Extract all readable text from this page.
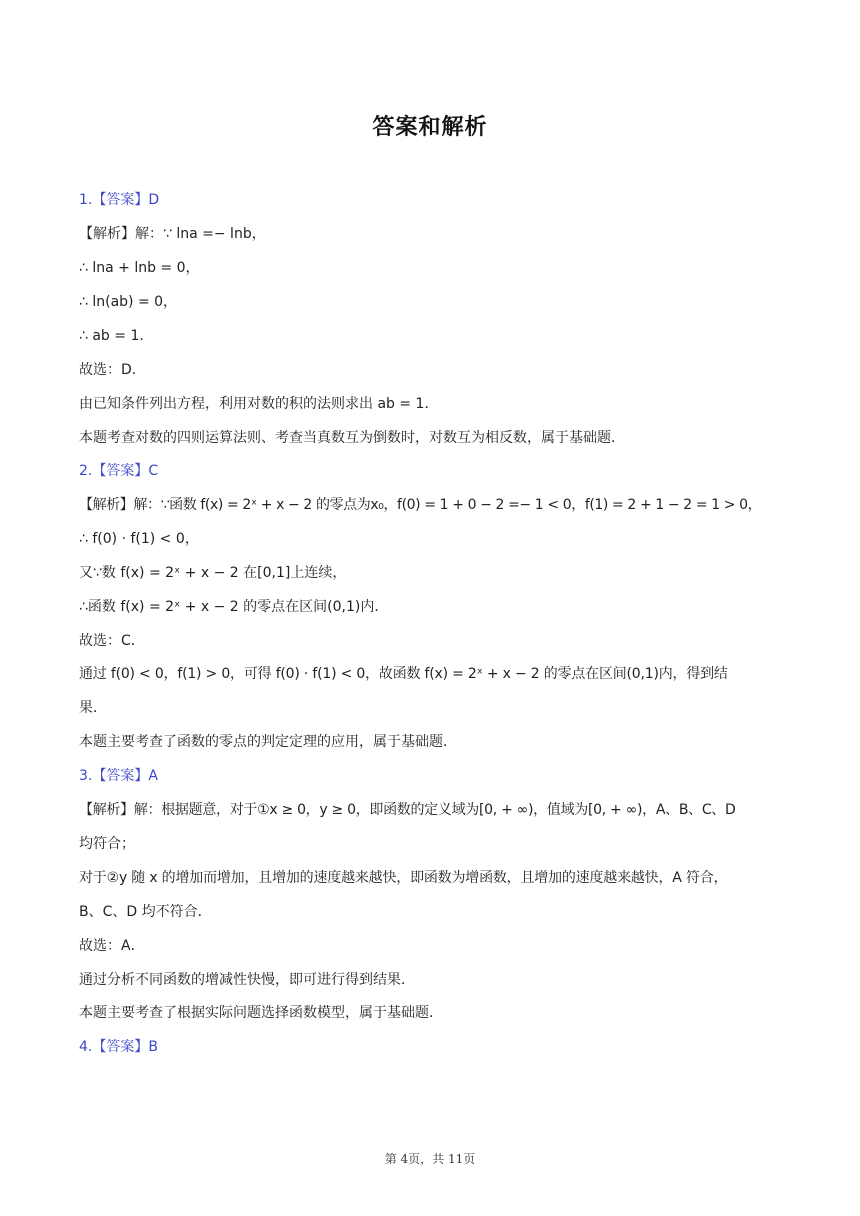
答案和解析
1.【答案】D
【解析】解：∵ lna =− lnb，
∴ lna + lnb = 0，
∴ ln(ab) = 0，
∴ ab = 1．
故选：D．
由已知条件列出方程，利用对数的积的法则求出 ab = 1．
本题考查对数的四则运算法则、考查当真数互为倒数时，对数互为相反数，属于基础题．
2.【答案】C
【解析】解：∵函数 f(x) = 2ˣ + x − 2 的零点为x₀，f(0) = 1 + 0 − 2 =− 1 < 0，f(1) = 2 + 1 − 2 = 1 > 0，
∴ f(0) · f(1) < 0，
又∵数 f(x) = 2ˣ + x − 2 在[0,1]上连续，
∴函数 f(x) = 2ˣ + x − 2 的零点在区间(0,1)内．
故选：C．
通过 f(0) < 0，f(1) > 0，可得 f(0) · f(1) < 0，故函数 f(x) = 2ˣ + x − 2 的零点在区间(0,1)内，得到结
果．
本题主要考查了函数的零点的判定定理的应用，属于基础题．
3.【答案】A
【解析】解：根据题意，对于①x ≥ 0，y ≥ 0，即函数的定义域为[0, + ∞)，值域为[0, + ∞)，A、B、C、D
均符合；
对于②y 随 x 的增加而增加，且增加的速度越来越快，即函数为增函数，且增加的速度越来越快，A 符合，
B、C、D 均不符合．
故选：A．
通过分析不同函数的增减性快慢，即可进行得到结果．
本题主要考查了根据实际问题选择函数模型，属于基础题．
4.【答案】B
第 4页，共 11页
